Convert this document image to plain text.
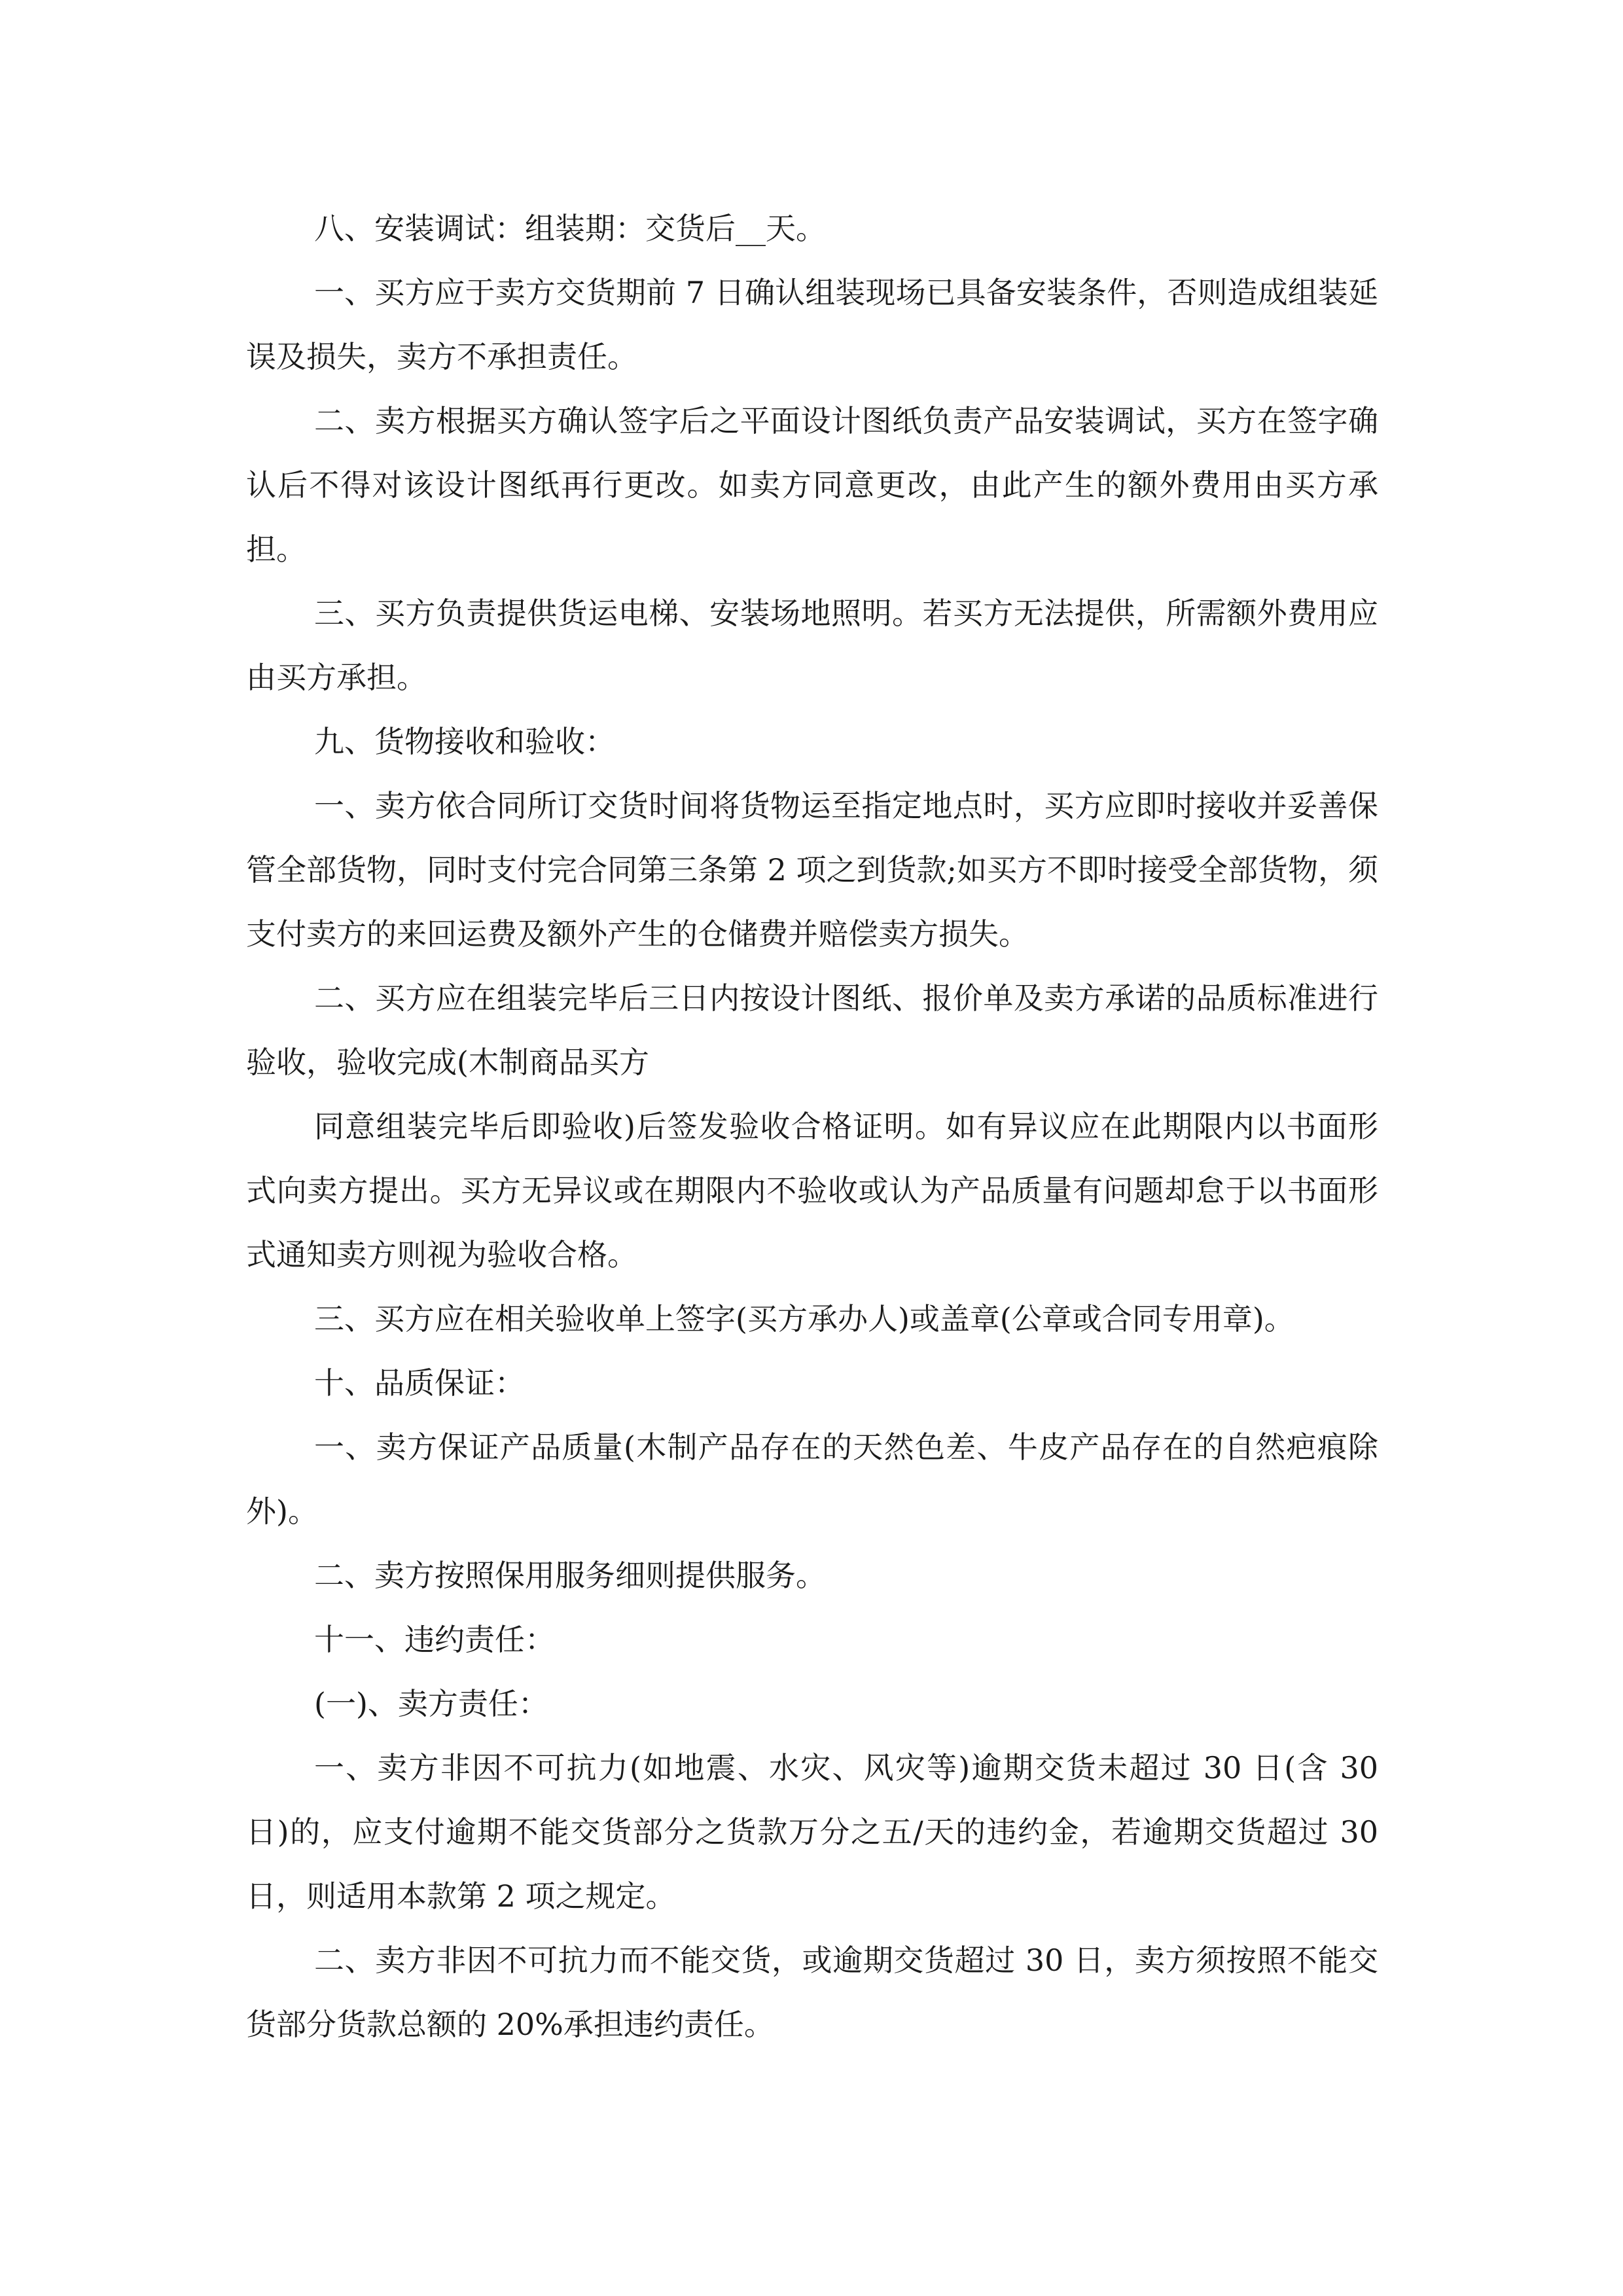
八、安装调试：组装期：交货后__天。

一、买方应于卖方交货期前 7 日确认组装现场已具备安装条件，否则造成组装延误及损失，卖方不承担责任。

二、卖方根据买方确认签字后之平面设计图纸负责产品安装调试，买方在签字确认后不得对该设计图纸再行更改。如卖方同意更改，由此产生的额外费用由买方承担。

三、买方负责提供货运电梯、安装场地照明。若买方无法提供，所需额外费用应由买方承担。

九、货物接收和验收：

一、卖方依合同所订交货时间将货物运至指定地点时，买方应即时接收并妥善保管全部货物，同时支付完合同第三条第 2 项之到货款;如买方不即时接受全部货物，须支付卖方的来回运费及额外产生的仓储费并赔偿卖方损失。

二、买方应在组装完毕后三日内按设计图纸、报价单及卖方承诺的品质标准进行验收，验收完成(木制商品买方

同意组装完毕后即验收)后签发验收合格证明。如有异议应在此期限内以书面形式向卖方提出。买方无异议或在期限内不验收或认为产品质量有问题却怠于以书面形式通知卖方则视为验收合格。

三、买方应在相关验收单上签字(买方承办人)或盖章(公章或合同专用章)。

十、品质保证：

一、卖方保证产品质量(木制产品存在的天然色差、牛皮产品存在的自然疤痕除外)。

二、卖方按照保用服务细则提供服务。

十一、违约责任：

(一)、卖方责任：

一、卖方非因不可抗力(如地震、水灾、风灾等)逾期交货未超过 30 日(含 30 日)的，应支付逾期不能交货部分之货款万分之五/天的违约金，若逾期交货超过 30 日，则适用本款第 2 项之规定。

二、卖方非因不可抗力而不能交货，或逾期交货超过 30 日，卖方须按照不能交货部分货款总额的 20%承担违约责任。
